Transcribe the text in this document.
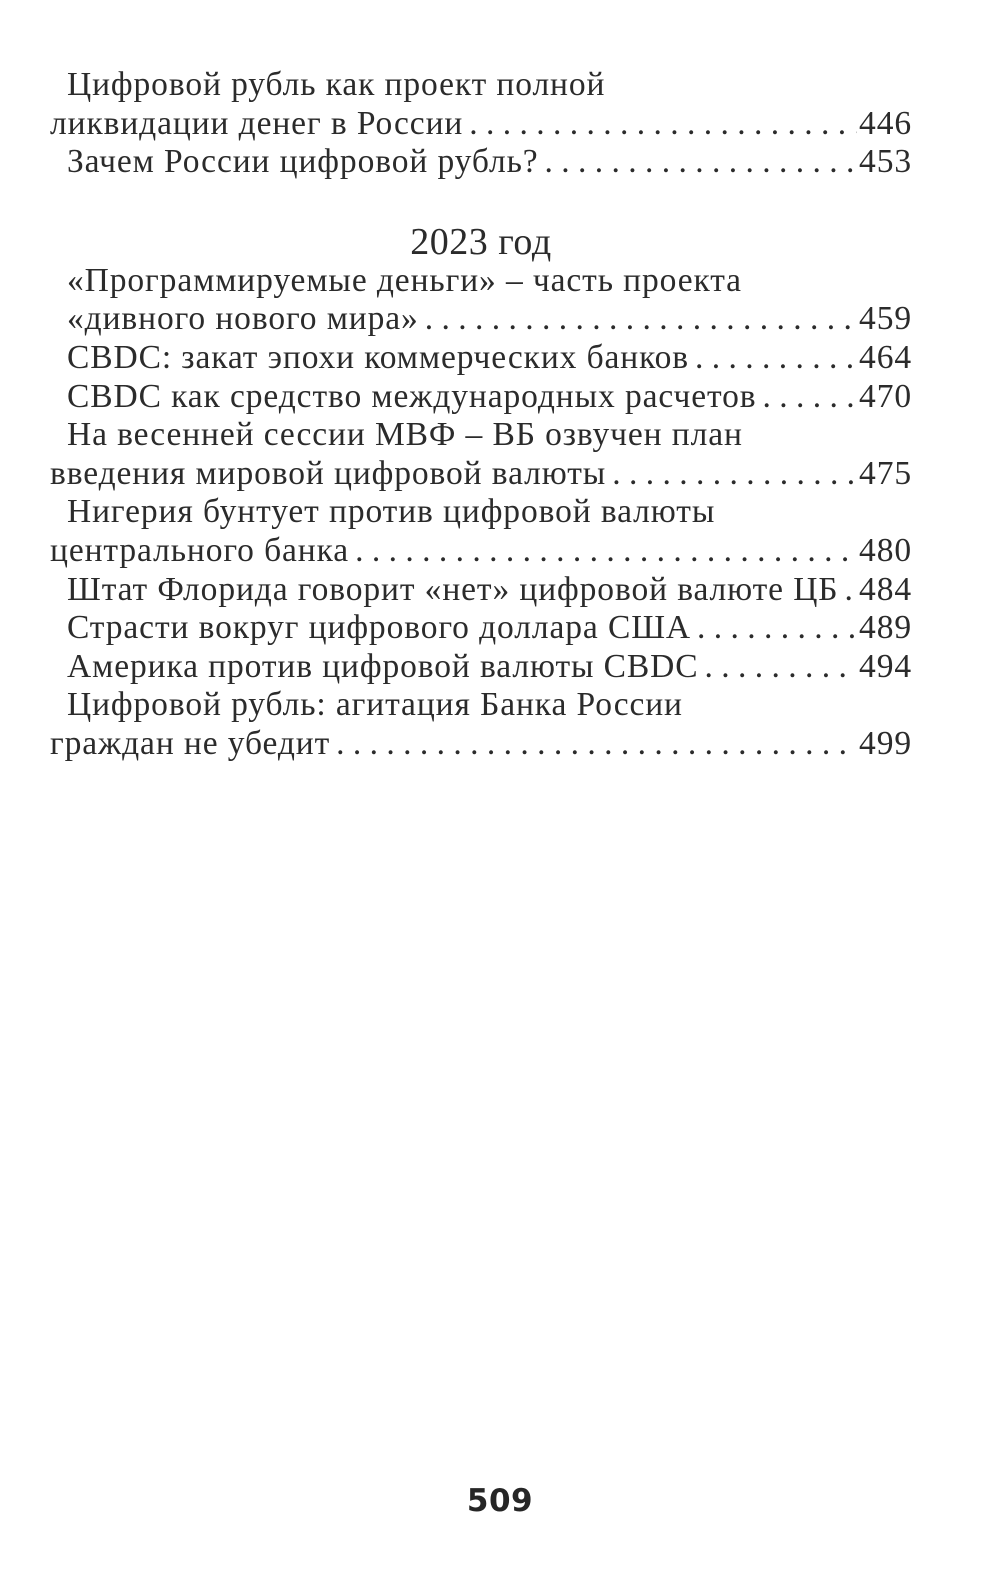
Цифровой рубль как проект полной
ликвидации денег в России . . .	446
Зачем России цифровой рубль? . . .	453
2023 год
«Программируемые деньги» – часть проекта
«дивного нового мира» . . .	459
CBDC: закат эпохи коммерческих банков . . .	464
CBDC как средство международных расчетов . . .	470
На весенней сессии МВФ – ВБ озвучен план
введения мировой цифровой валюты . . .	475
Нигерия бунтует против цифровой валюты
центрального банка . . .	480
Штат Флорида говорит «нет» цифровой валюте ЦБ . . . 484
Страсти вокруг цифрового доллара США . . .	489
Америка против цифровой валюты CBDC . . .	494
Цифровой рубль: агитация Банка России
граждан не убедит . . .	499
509
